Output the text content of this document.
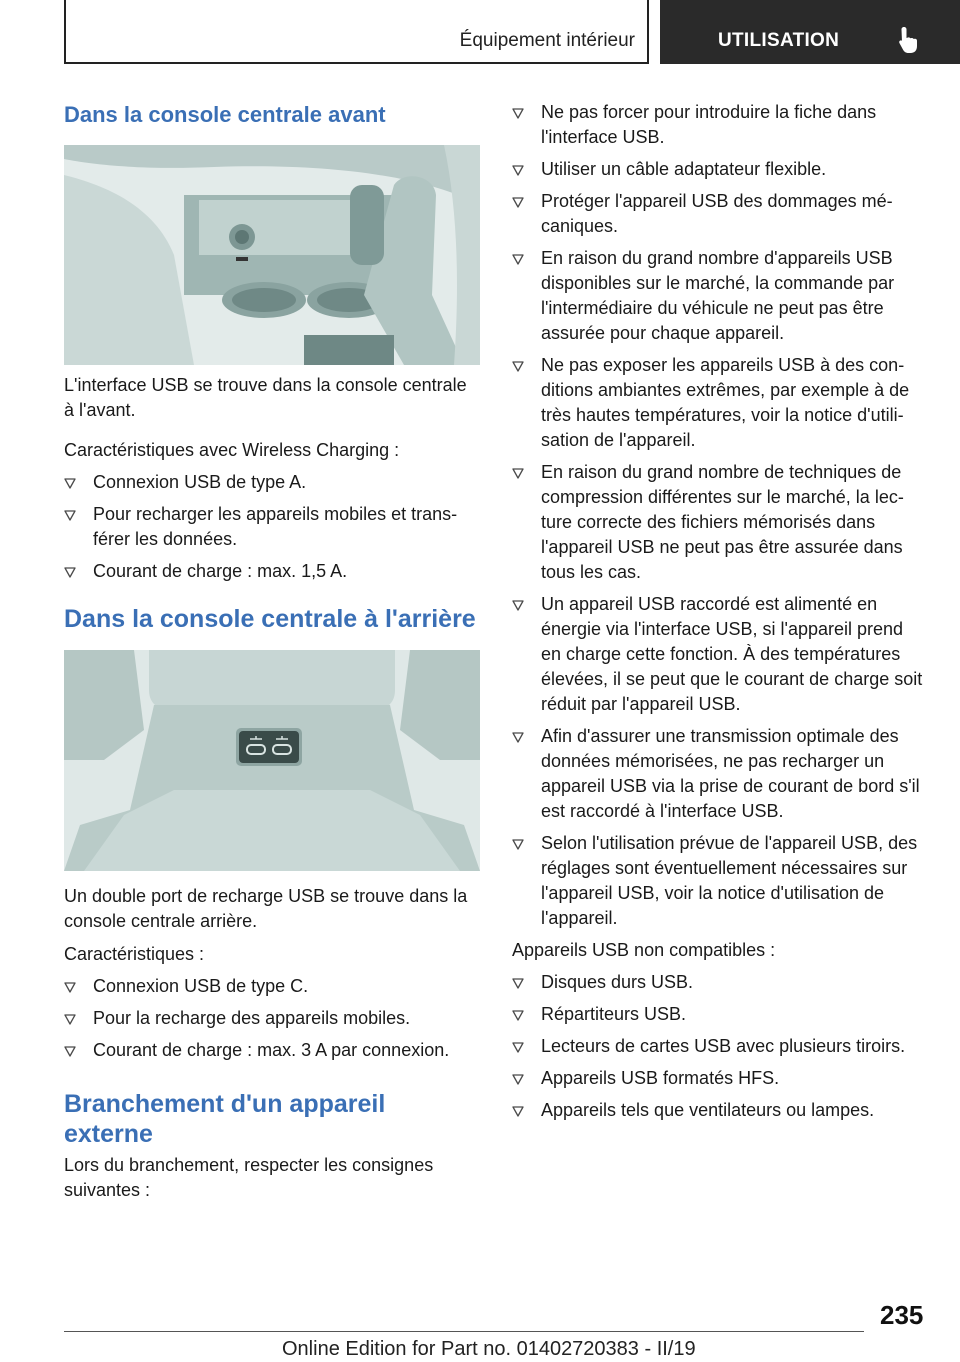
Équipement intérieur	UTILISATION
Dans la console centrale avant

L'interface USB se trouve dans la console centrale à l'avant.

Caractéristiques avec Wireless Charging :

Connexion USB de type A.
Pour recharger les appareils mobiles et transférer les données.
Courant de charge : max. 1,5 A.
Dans la console centrale à l'arrière

Un double port de recharge USB se trouve dans la console centrale arrière.

Caractéristiques :

Connexion USB de type C.
Pour la recharge des appareils mobiles.
Courant de charge : max. 3 A par connexion.
Branchement d'un appareil externe

Lors du branchement, respecter les consignes suivantes :

Ne pas forcer pour introduire la fiche dans l'interface USB.
Utiliser un câble adaptateur flexible.
Protéger l'appareil USB des dommages mécaniques.
En raison du grand nombre d'appareils USB disponibles sur le marché, la commande par l'intermédiaire du véhicule ne peut pas être assurée pour chaque appareil.
Ne pas exposer les appareils USB à des conditions ambiantes extrêmes, par exemple à de très hautes températures, voir la notice d'utilisation de l'appareil.
En raison du grand nombre de techniques de compression différentes sur le marché, la lecture correcte des fichiers mémorisés dans l'appareil USB ne peut pas être assurée dans tous les cas.
Un appareil USB raccordé est alimenté en énergie via l'interface USB, si l'appareil prend en charge cette fonction. À des températures élevées, il se peut que le courant de charge soit réduit par l'appareil USB.
Afin d'assurer une transmission optimale des données mémorisées, ne pas recharger un appareil USB via la prise de courant de bord s'il est raccordé à l'interface USB.
Selon l'utilisation prévue de l'appareil USB, des réglages sont éventuellement nécessaires sur l'appareil USB, voir la notice d'utilisation de l'appareil.

Appareils USB non compatibles :

Disques durs USB.
Répartiteurs USB.
Lecteurs de cartes USB avec plusieurs tiroirs.
Appareils USB formatés HFS.
Appareils tels que ventilateurs ou lampes.
235
Online Edition for Part no. 01402720383 - II/19
